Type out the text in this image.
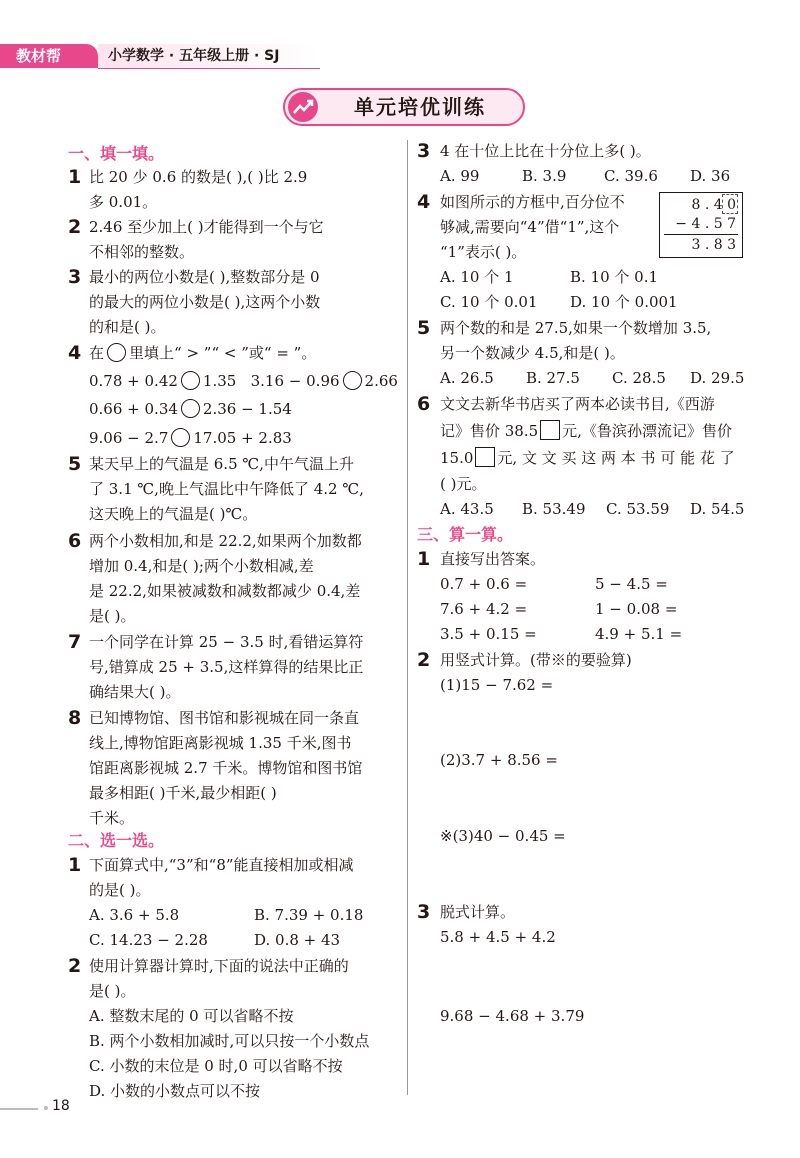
教材帮	小学数学 · 五年级上册 · SJ
单元培优训练
一、填一填。
1 比 20 少 0.6 的数是( ),( )比 2.9
多 0.01。
2 2.46 至少加上( )才能得到一个与它
不相邻的整数。
3 最小的两位小数是( ),整数部分是 0
的最大的两位小数是( ),这两个小数
的和是( )。
4 在 里填上“ > ”“ < ”或“ = ”。
0.78 + 0.42 1.35 3.16 − 0.96 2.66
0.66 + 0.34 2.36 − 1.54
9.06 − 2.7 17.05 + 2.83
5 某天早上的气温是 6.5 ℃,中午气温上升
了 3.1 ℃,晚上气温比中午降低了 4.2 ℃,
这天晚上的气温是( )℃。
6 两个小数相加,和是 22.2,如果两个加数都
增加 0.4,和是( );两个小数相减,差
是 22.2,如果被减数和减数都减少 0.4,差
是( )。
7 一个同学在计算 25 − 3.5 时,看错运算符
号,错算成 25 + 3.5,这样算得的结果比正
确结果大( )。
8 已知博物馆、图书馆和影视城在同一条直
线上,博物馆距离影视城 1.35 千米,图书
馆距离影视城 2.7 千米。博物馆和图书馆
最多相距( )千米,最少相距( )
千米。
二、选一选。
1 下面算式中,“3”和“8”能直接相加或相减
的是( )。
A. 3.6 + 5.8	B. 7.39 + 0.18
C. 14.23 − 2.28	D. 0.8 + 43
2 使用计算器计算时,下面的说法中正确的
是( )。
A. 整数末尾的 0 可以省略不按
B. 两个小数相加减时,可以只按一个小数点
C. 小数的末位是 0 时,0 可以省略不按
D. 小数的小数点可以不按
3 4 在十位上比在十分位上多( )。
A. 99	B. 3.9	C. 39.6 D. 36
4 如图所示的方框中,百分位不
够减,需要向“4”借“1”,这个
“1”表示( )。
8 . 4 0
− 4 . 5 7
3 . 8 3
A. 10 个 1	B. 10 个 0.1
C. 10 个 0.01 D. 10 个 0.001
5 两个数的和是 27.5,如果一个数增加 3.5,
另一个数减少 4.5,和是( )。
A. 26.5 B. 27.5 C. 28.5 D. 29.5
6 文文去新华书店买了两本必读书目,《西游
记》售价 38.5 元,《鲁滨孙漂流记》售价
15.0 元, 文 文 买 这 两 本 书 可 能 花 了
( )元。
A. 43.5 B. 53.49 C. 53.59 D. 54.5
三、算一算。
1 直接写出答案。
0.7 + 0.6 =	5 − 4.5 =
7.6 + 4.2 =	1 − 0.08 =
3.5 + 0.15 =	4.9 + 5.1 =
2 用竖式计算。(带※的要验算)
(1)15 − 7.62 =
(2)3.7 + 8.56 =
※(3)40 − 0.45 =
3 脱式计算。
5.8 + 4.5 + 4.2
9.68 − 4.68 + 3.79
18
